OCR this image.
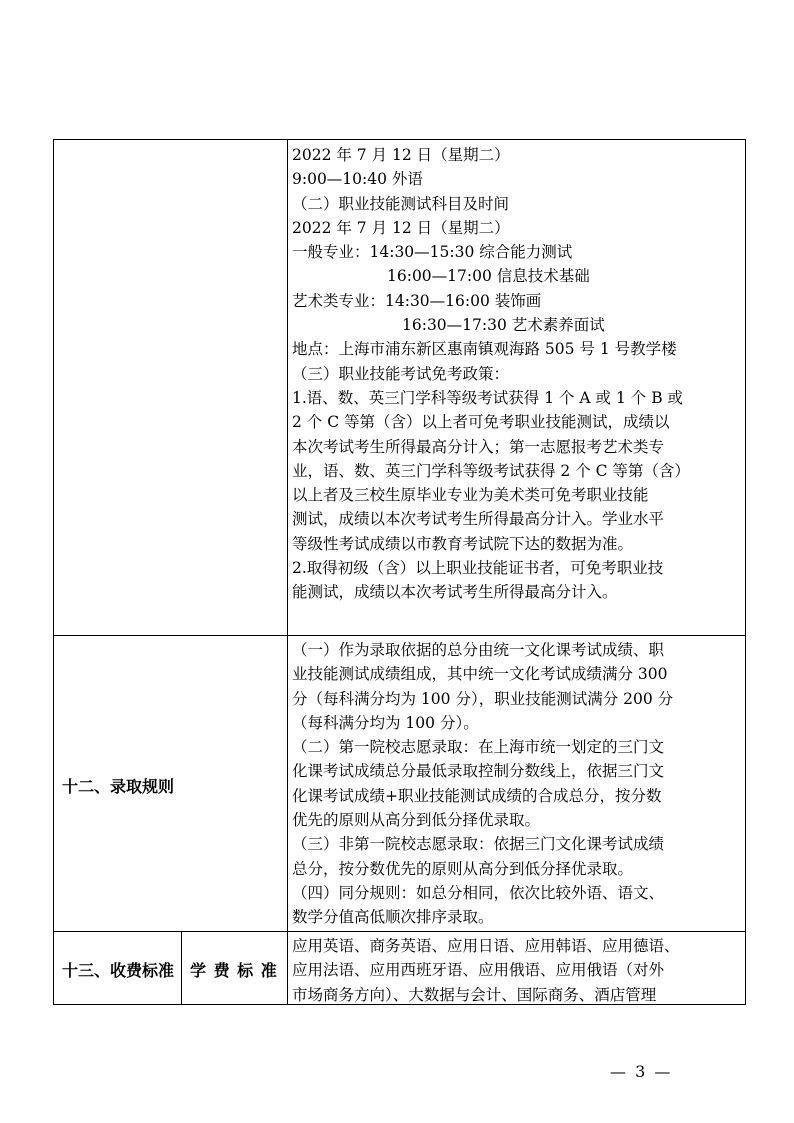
2022 年 7 月 12 日（星期二）
9:00—10:40 外语
（二）职业技能测试科目及时间
2022 年 7 月 12 日（星期二）
一般专业：14:30—15:30 综合能力测试
16:00—17:00 信息技术基础
艺术类专业：14:30—16:00 装饰画
16:30—17:30 艺术素养面试
地点：上海市浦东新区惠南镇观海路 505 号 1 号教学楼
（三）职业技能考试免考政策：
1.语、数、英三门学科等级考试获得 1 个 A 或 1 个 B 或
2 个 C 等第（含）以上者可免考职业技能测试，成绩以
本次考试考生所得最高分计入；第一志愿报考艺术类专
业，语、数、英三门学科等级考试获得 2 个 C 等第（含）
以上者及三校生原毕业专业为美术类可免考职业技能
测试，成绩以本次考试考生所得最高分计入。学业水平
等级性考试成绩以市教育考试院下达的数据为准。
2.取得初级（含）以上职业技能证书者，可免考职业技
能测试，成绩以本次考试考生所得最高分计入。
十二、录取规则
（一）作为录取依据的总分由统一文化课考试成绩、职
业技能测试成绩组成，其中统一文化考试成绩满分 300
分（每科满分均为 100 分），职业技能测试满分 200 分
（每科满分均为 100 分）。
（二）第一院校志愿录取：在上海市统一划定的三门文
化课考试成绩总分最低录取控制分数线上，依据三门文
化课考试成绩+职业技能测试成绩的合成总分，按分数
优先的原则从高分到低分择优录取。
（三）非第一院校志愿录取：依据三门文化课考试成绩
总分，按分数优先的原则从高分到低分择优录取。
（四）同分规则：如总分相同，依次比较外语、语文、
数学分值高低顺次排序录取。
十三、收费标准 学 费 标 准
应用英语、商务英语、应用日语、应用韩语、应用德语、
应用法语、应用西班牙语、应用俄语、应用俄语（对外
市场商务方向）、大数据与会计、国际商务、酒店管理
— 3 —
